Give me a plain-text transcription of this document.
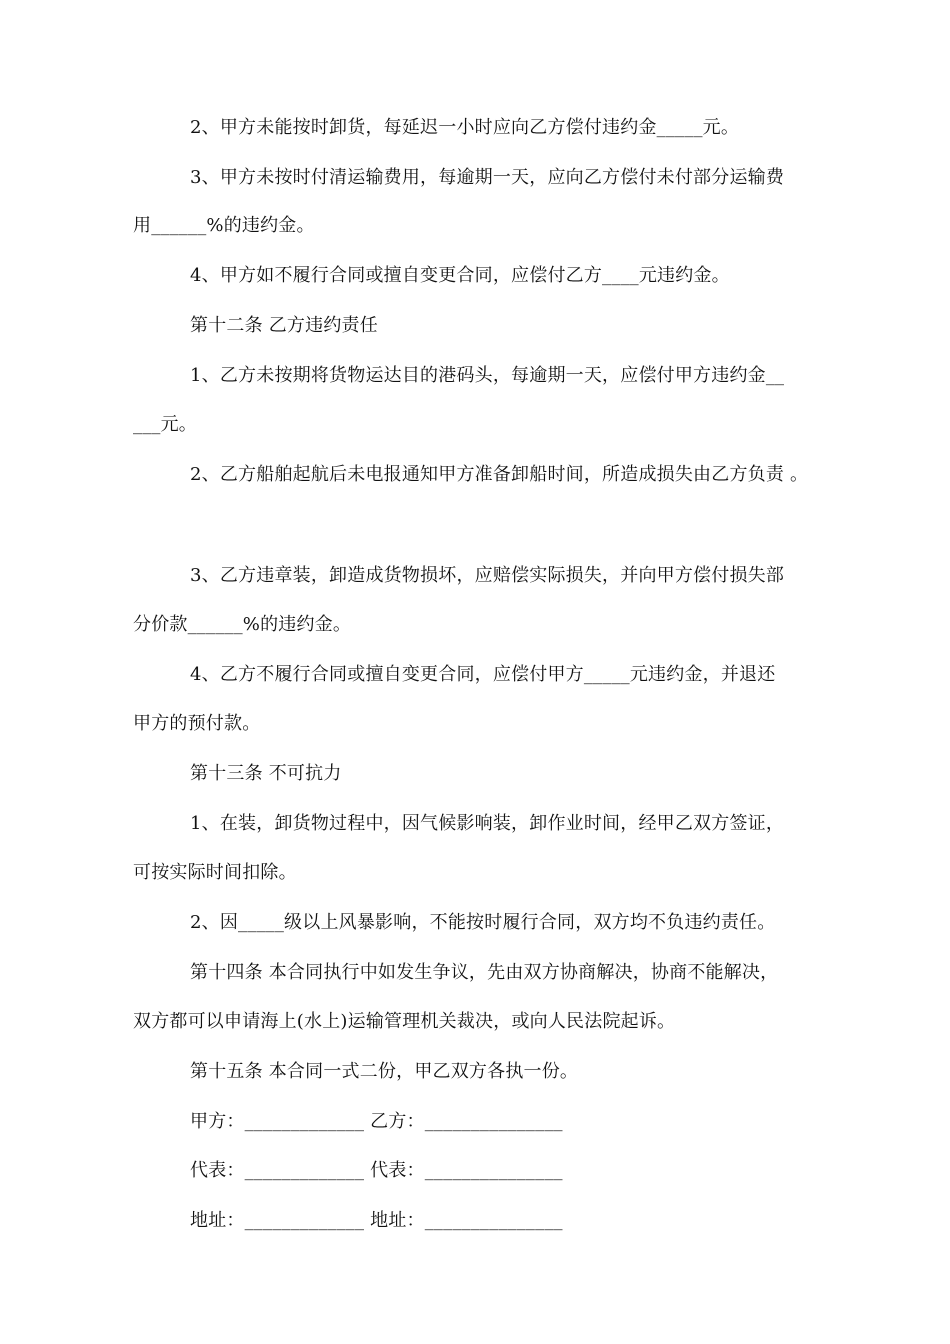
2、甲方未能按时卸货，每延迟一小时应向乙方偿付违约金_____元。
3、甲方未按时付清运输费用，每逾期一天，应向乙方偿付未付部分运输费
用______%的违约金。
4、甲方如不履行合同或擅自变更合同，应偿付乙方____元违约金。
第十二条 乙方违约责任
1、乙方未按期将货物运达目的港码头，每逾期一天，应偿付甲方违约金__
___元。
2、乙方船舶起航后未电报通知甲方准备卸船时间，所造成损失由乙方负责 。
3、乙方违章装，卸造成货物损坏，应赔偿实际损失，并向甲方偿付损失部
分价款______%的违约金。
4、乙方不履行合同或擅自变更合同，应偿付甲方_____元违约金，并退还
甲方的预付款。
第十三条 不可抗力
1、在装，卸货物过程中，因气候影响装，卸作业时间，经甲乙双方签证，
可按实际时间扣除。
2、因_____级以上风暴影响，不能按时履行合同，双方均不负违约责任。
第十四条 本合同执行中如发生争议，先由双方协商解决，协商不能解决，
双方都可以申请海上(水上)运输管理机关裁决，或向人民法院起诉。
第十五条 本合同一式二份，甲乙双方各执一份。
甲方：_____________ 乙方：_______________
代表：_____________ 代表：_______________
地址：_____________ 地址：_______________
